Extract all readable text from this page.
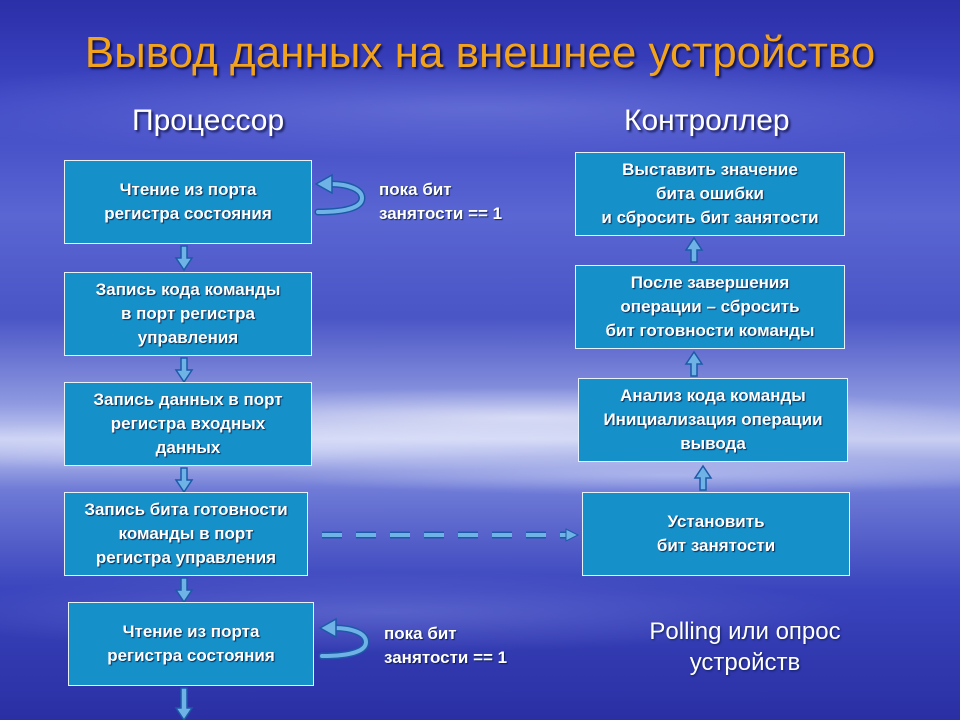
Вывод данных на внешнее устройство
Процессор	Контроллер
Чтение из порта
регистра состояния
Запись кода команды
в порт регистра
управления
Запись данных в порт
регистра входных
данных
Запись бита готовности
команды в порт
регистра управления
Чтение из порта
регистра состояния
Установить
бит занятости
Анализ кода команды
Инициализация операции
вывода
После завершения
операции – сбросить
бит готовности команды
Выставить значение
бита ошибки
и сбросить бит занятости
пока бит
занятости == 1
пока бит
занятости == 1
Polling или опрос
устройств
